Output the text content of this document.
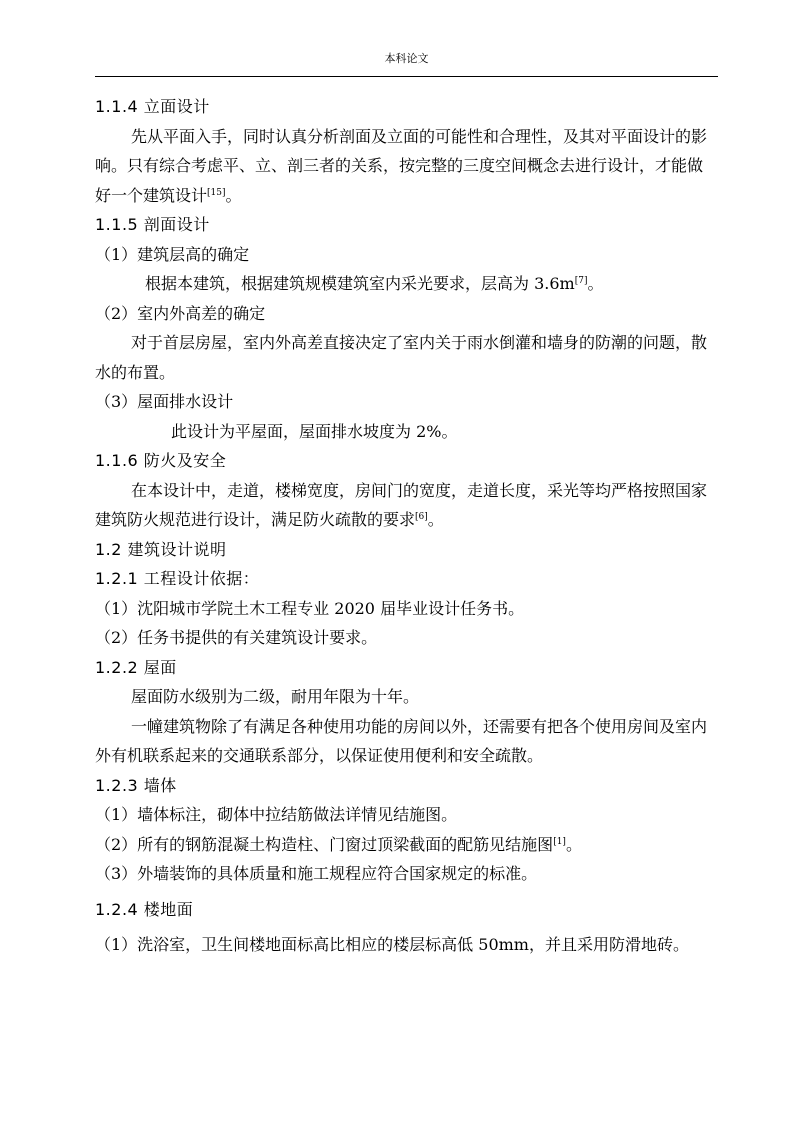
本科论文
1.1.4 立面设计

先从平面入手，同时认真分析剖面及立面的可能性和合理性，及其对平面设计的影响。只有综合考虑平、立、剖三者的关系，按完整的三度空间概念去进行设计，才能做好一个建筑设计[15]。

1.1.5 剖面设计

（1）建筑层高的确定

根据本建筑，根据建筑规模建筑室内采光要求，层高为 3.6m[7]。

（2）室内外高差的确定

对于首层房屋，室内外高差直接决定了室内关于雨水倒灌和墙身的防潮的问题，散水的布置。

（3）屋面排水设计

此设计为平屋面，屋面排水坡度为 2%。

1.1.6 防火及安全

在本设计中，走道，楼梯宽度，房间门的宽度，走道长度，采光等均严格按照国家建筑防火规范进行设计，满足防火疏散的要求[6]。

1.2 建筑设计说明
1.2.1 工程设计依据：

（1）沈阳城市学院土木工程专业 2020 届毕业设计任务书。

（2）任务书提供的有关建筑设计要求。

1.2.2 屋面

屋面防水级别为二级，耐用年限为十年。

一幢建筑物除了有满足各种使用功能的房间以外，还需要有把各个使用房间及室内外有机联系起来的交通联系部分，以保证使用便利和安全疏散。

1.2.3 墙体

（1）墙体标注，砌体中拉结筋做法详情见结施图。

（2）所有的钢筋混凝土构造柱、门窗过顶梁截面的配筋见结施图[1]。

（3）外墙装饰的具体质量和施工规程应符合国家规定的标准。

1.2.4 楼地面

（1）洗浴室，卫生间楼地面标高比相应的楼层标高低 50mm，并且采用防滑地砖。
